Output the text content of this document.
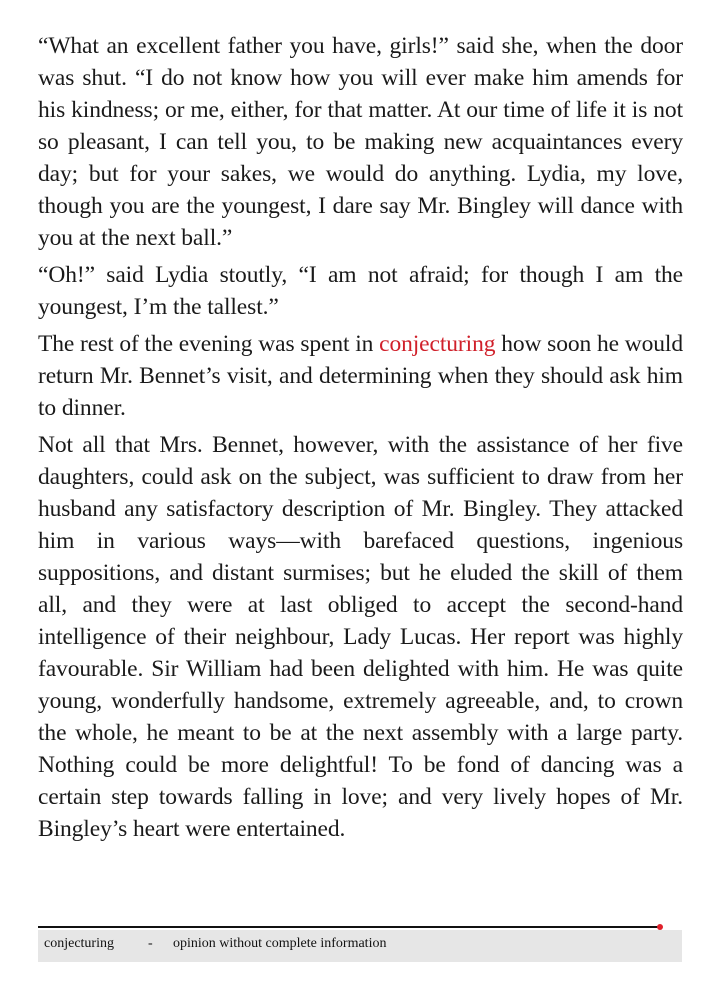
“What an excellent father you have, girls!” said she, when the door was shut. “I do not know how you will ever make him amends for his kindness; or me, either, for that matter. At our time of life it is not so pleasant, I can tell you, to be making new acquaintances every day; but for your sakes, we would do anything. Lydia, my love, though you are the youngest, I dare say Mr. Bingley will dance with you at the next ball.”

“Oh!” said Lydia stoutly, “I am not afraid; for though I am the youngest, I’m the tallest.”

The rest of the evening was spent in conjecturing how soon he would return Mr. Bennet’s visit, and determining when they should ask him to dinner.

Not all that Mrs. Bennet, however, with the assistance of her five daughters, could ask on the subject, was sufficient to draw from her husband any satisfactory description of Mr. Bingley. They attacked him in various ways—with barefaced questions, ingenious suppositions, and distant surmises; but he eluded the skill of them all, and they were at last obliged to accept the second-hand intelligence of their neighbour, Lady Lucas. Her report was highly favourable. Sir William had been delighted with him. He was quite young, wonderfully handsome, extremely agreeable, and, to crown the whole, he meant to be at the next assembly with a large party. Nothing could be more delightful! To be fond of dancing was a certain step towards falling in love; and very lively hopes of Mr. Bingley’s heart were entertained.

conjecturing - opinion without complete information
